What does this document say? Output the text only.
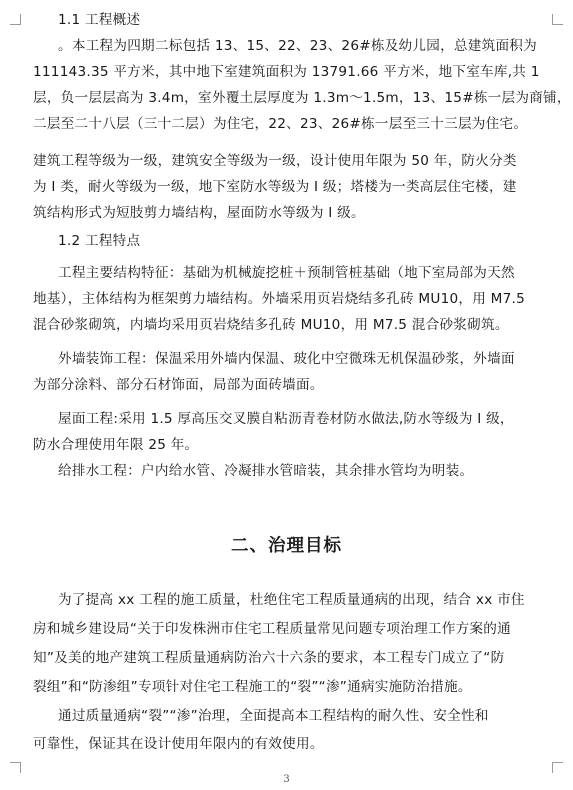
1.1 工程概述
。本工程为四期二标包括 13、15、22、23、26#栋及幼儿园，总建筑面积为
111143.35 平方米，其中地下室建筑面积为 13791.66 平方米，地下室车库,共 1
层，负一层层高为 3.4m，室外覆土层厚度为 1.3m～1.5m，13、15#栋一层为商铺，
二层至二十八层（三十二层）为住宅，22、23、26#栋一层至三十三层为住宅。
建筑工程等级为一级，建筑安全等级为一级，设计使用年限为 50 年，防火分类
为 I 类，耐火等级为一级，地下室防水等级为 I 级；塔楼为一类高层住宅楼，建
筑结构形式为短肢剪力墙结构，屋面防水等级为 I 级。
1.2 工程特点
工程主要结构特征：基础为机械旋挖桩＋预制管桩基础（地下室局部为天然
地基），主体结构为框架剪力墙结构。外墙采用页岩烧结多孔砖 MU10，用 M7.5
混合砂浆砌筑，内墙均采用页岩烧结多孔砖 MU10，用 M7.5 混合砂浆砌筑。
外墙装饰工程：保温采用外墙内保温、玻化中空微珠无机保温砂浆，外墙面
为部分涂料、部分石材饰面，局部为面砖墙面。
屋面工程:采用 1.5 厚高压交叉膜自粘沥青卷材防水做法,防水等级为 I 级，
防水合理使用年限 25 年。
给排水工程：户内给水管、冷凝排水管暗装，其余排水管均为明装。
二、治理目标
为了提高 xx 工程的施工质量，杜绝住宅工程质量通病的出现，结合 xx 市住
房和城乡建设局“关于印发株洲市住宅工程质量常见问题专项治理工作方案的通
知”及美的地产建筑工程质量通病防治六十六条的要求，本工程专门成立了“防
裂组”和“防渗组”专项针对住宅工程施工的“裂”“渗”通病实施防治措施。
通过质量通病“裂”“渗”治理，全面提高本工程结构的耐久性、安全性和
可靠性，保证其在设计使用年限内的有效使用。
3
